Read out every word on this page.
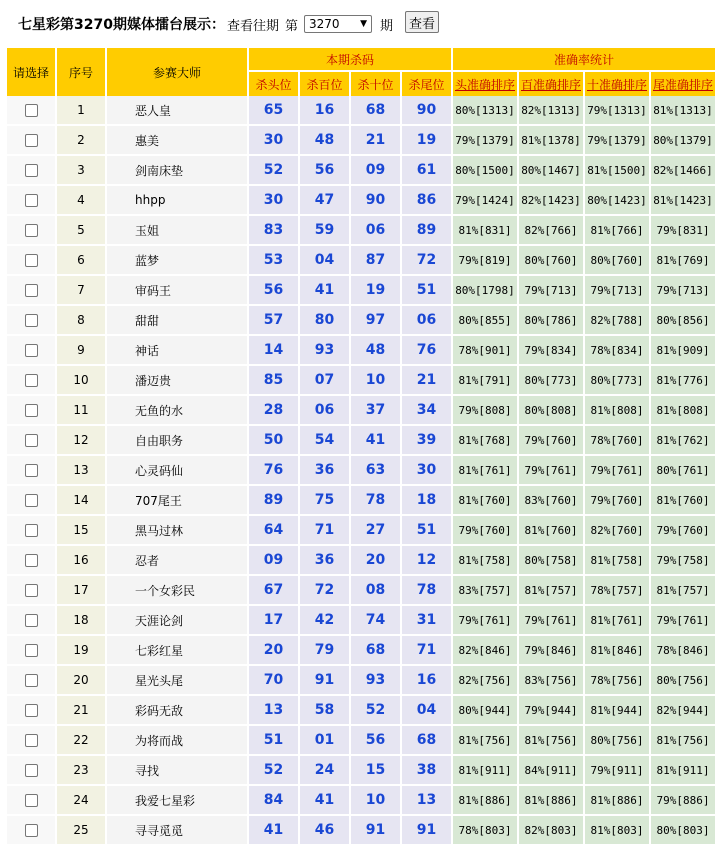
七星彩第3270期媒体擂台展示： 查看往期 第 3270 ▼ 期	查看
请选择	序号	参赛大师	本期杀码				准确率统计			
			杀头位	杀百位	杀十位	杀尾位	头准确排序	百准确排序	十准确排序	尾准确排序
	1	恶人皇	65	16	68	90	80%[1313]	82%[1313]	79%[1313]	81%[1313]
	2	惠美	30	48	21	19	79%[1379]	81%[1378]	79%[1379]	80%[1379]
	3	剑南床垫	52	56	09	61	80%[1500]	80%[1467]	81%[1500]	82%[1466]
	4	hhpp	30	47	90	86	79%[1424]	82%[1423]	80%[1423]	81%[1423]
	5	玉姐	83	59	06	89	81%[831]	82%[766]	81%[766]	79%[831]
	6	蓝梦	53	04	87	72	79%[819]	80%[760]	80%[760]	81%[769]
	7	审码王	56	41	19	51	80%[1798]	79%[713]	79%[713]	79%[713]
	8	甜甜	57	80	97	06	80%[855]	80%[786]	82%[788]	80%[856]
	9	神话	14	93	48	76	78%[901]	79%[834]	78%[834]	81%[909]
	10	潘迈贵	85	07	10	21	81%[791]	80%[773]	80%[773]	81%[776]
	11	无鱼的水	28	06	37	34	79%[808]	80%[808]	81%[808]	81%[808]
	12	自由职务	50	54	41	39	81%[768]	79%[760]	78%[760]	81%[762]
	13	心灵码仙	76	36	63	30	81%[761]	79%[761]	79%[761]	80%[761]
	14	707尾王	89	75	78	18	81%[760]	83%[760]	79%[760]	81%[760]
	15	黑马过林	64	71	27	51	79%[760]	81%[760]	82%[760]	79%[760]
	16	忍者	09	36	20	12	81%[758]	80%[758]	81%[758]	79%[758]
	17	一个女彩民	67	72	08	78	83%[757]	81%[757]	78%[757]	81%[757]
	18	天涯论剑	17	42	74	31	79%[761]	79%[761]	81%[761]	79%[761]
	19	七彩红星	20	79	68	71	82%[846]	79%[846]	81%[846]	78%[846]
	20	星光头尾	70	91	93	16	82%[756]	83%[756]	78%[756]	80%[756]
	21	彩码无敌	13	58	52	04	80%[944]	79%[944]	81%[944]	82%[944]
	22	为将而战	51	01	56	68	81%[756]	81%[756]	80%[756]	81%[756]
	23	寻找	52	24	15	38	81%[911]	84%[911]	79%[911]	81%[911]
	24	我爱七星彩	84	41	10	13	81%[886]	81%[886]	81%[886]	79%[886]
	25	寻寻觅觅	41	46	91	91	78%[803]	82%[803]	81%[803]	80%[803]
